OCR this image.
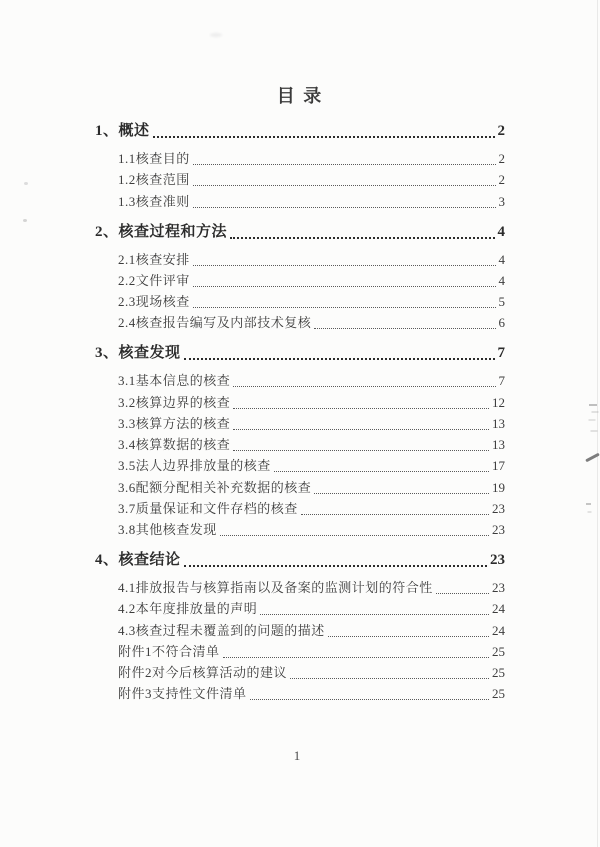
目 录
1、概述	2
1.1核查目的	2
1.2核查范围	2
1.3核查准则	3
2、核查过程和方法	4
2.1核查安排	4
2.2文件评审	4
2.3现场核查	5
2.4核查报告编写及内部技术复核	6
3、核查发现	7
3.1基本信息的核查	7
3.2核算边界的核查	12
3.3核算方法的核查	13
3.4核算数据的核查	13
3.5法人边界排放量的核查	17
3.6配额分配相关补充数据的核查	19
3.7质量保证和文件存档的核查	23
3.8其他核查发现	23
4、核查结论	23
4.1排放报告与核算指南以及备案的监测计划的符合性	23
4.2本年度排放量的声明	24
4.3核查过程未覆盖到的问题的描述	24
附件1不符合清单	25
附件2对今后核算活动的建议	25
附件3支持性文件清单	25
1
